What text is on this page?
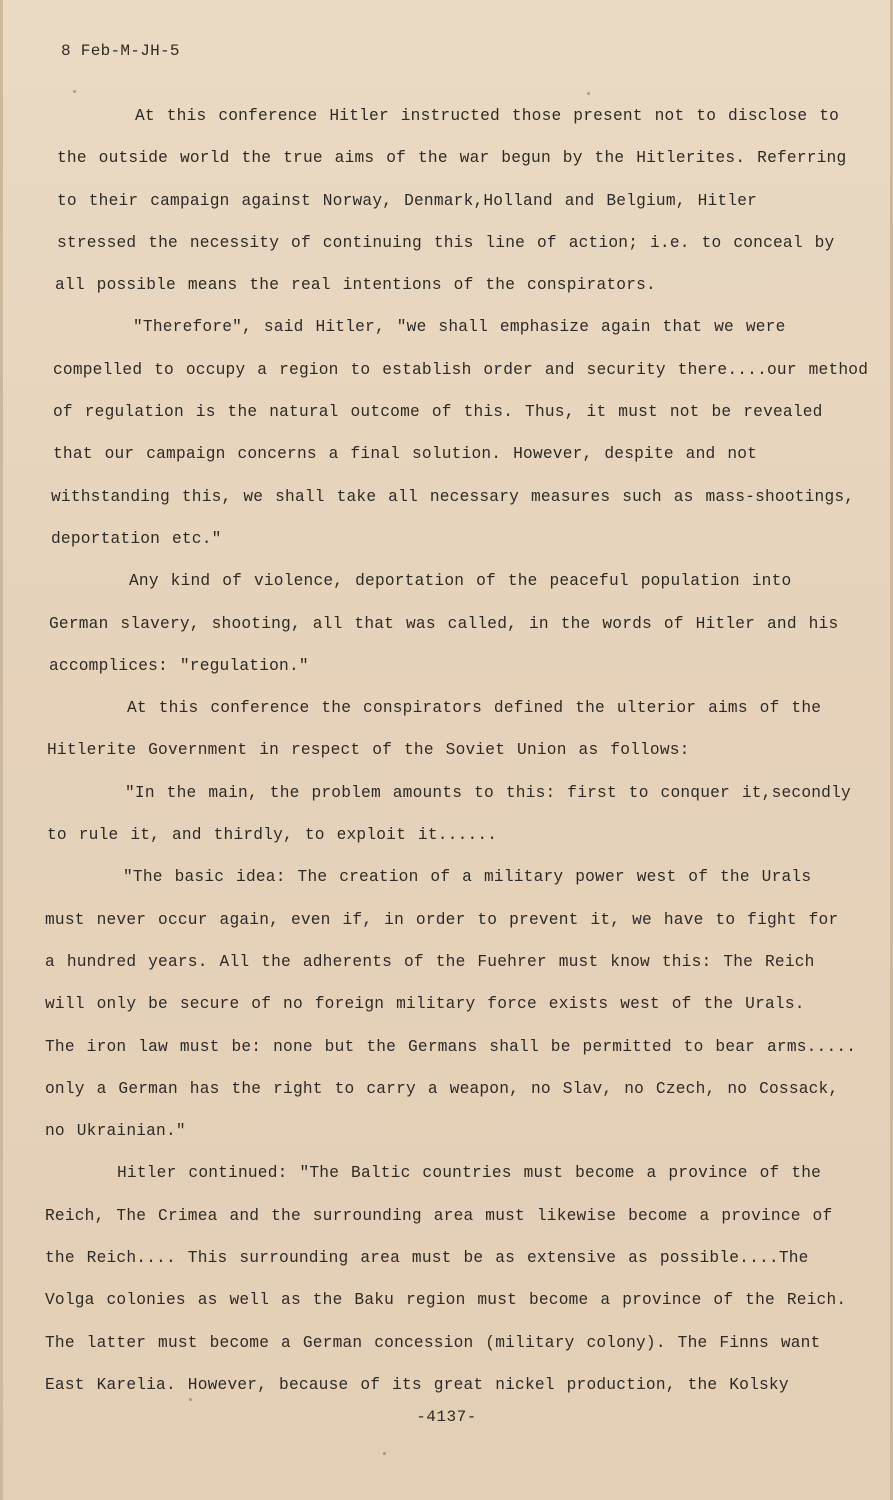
8 Feb-M-JH-5
At this conference Hitler instructed those present not to disclose to
the outside world the true aims of the war begun by the Hitlerites. Referring
to their campaign against Norway, Denmark,Holland and Belgium, Hitler
stressed the necessity of continuing this line of action; i.e. to conceal by
all possible means the real intentions of the conspirators.
"Therefore", said Hitler, "we shall emphasize again that we were
compelled to occupy a region to establish order and security there....our method
of regulation is the natural outcome of this. Thus, it must not be revealed
that our campaign concerns a final solution. However, despite and not
withstanding this, we shall take all necessary measures such as mass-shootings,
deportation etc."
Any kind of violence, deportation of the peaceful population into
German slavery, shooting, all that was called, in the words of Hitler and his
accomplices: "regulation."
At this conference the conspirators defined the ulterior aims of the
Hitlerite Government in respect of the Soviet Union as follows:
"In the main, the problem amounts to this: first to conquer it,secondly
to rule it, and thirdly, to exploit it......
"The basic idea: The creation of a military power west of the Urals
must never occur again, even if, in order to prevent it, we have to fight for
a hundred years. All the adherents of the Fuehrer must know this: The Reich
will only be secure of no foreign military force exists west of the Urals.
The iron law must be: none but the Germans shall be permitted to bear arms.....
only a German has the right to carry a weapon, no Slav, no Czech, no Cossack,
no Ukrainian."
Hitler continued: "The Baltic countries must become a province of the
Reich, The Crimea and the surrounding area must likewise become a province of
the Reich.... This surrounding area must be as extensive as possible....The
Volga colonies as well as the Baku region must become a province of the Reich.
The latter must become a German concession (military colony). The Finns want
East Karelia. However, because of its great nickel production, the Kolsky
-4137-
